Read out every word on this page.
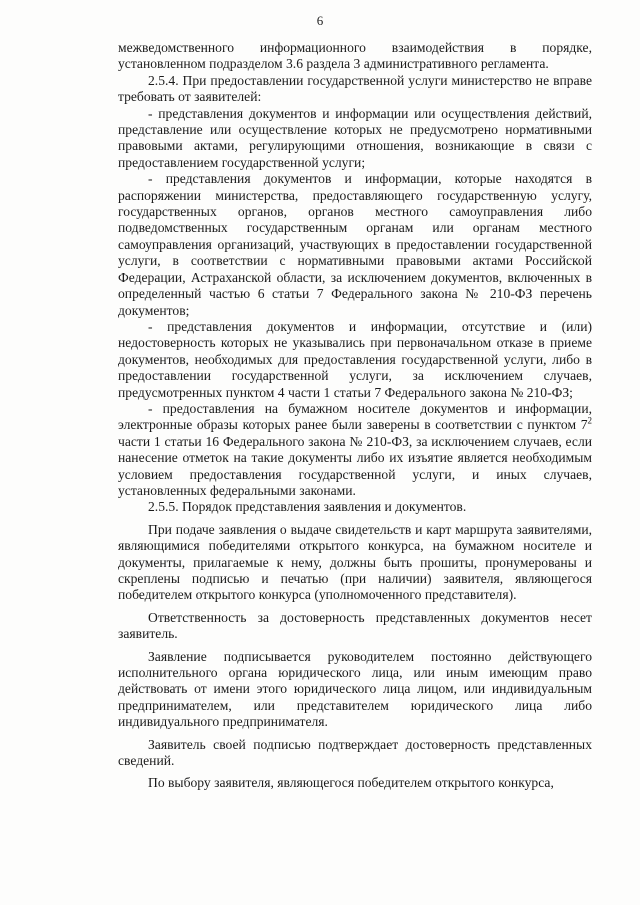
6

межведомственного информационного взаимодействия в порядке, установленном подразделом 3.6 раздела 3 административного регламента.

2.5.4. При предоставлении государственной услуги министерство не вправе требовать от заявителей:

- представления документов и информации или осуществления действий, представление или осуществление которых не предусмотрено нормативными правовыми актами, регулирующими отношения, возникающие в связи с предоставлением государственной услуги;

- представления документов и информации, которые находятся в распоряжении министерства, предоставляющего государственную услугу, государственных органов, органов местного самоуправления либо подведомственных государственным органам или органам местного самоуправления организаций, участвующих в предоставлении государственной услуги, в соответствии с нормативными правовыми актами Российской Федерации, Астраханской области, за исключением документов, включенных в определенный частью 6 статьи 7 Федерального закона № 210-ФЗ перечень документов;

- представления документов и информации, отсутствие и (или) недостоверность которых не указывались при первоначальном отказе в приеме документов, необходимых для предоставления государственной услуги, либо в предоставлении государственной услуги, за исключением случаев, предусмотренных пунктом 4 части 1 статьи 7 Федерального закона № 210-ФЗ;

- предоставления на бумажном носителе документов и информации, электронные образы которых ранее были заверены в соответствии с пунктом $7^2$ части 1 статьи 16 Федерального закона № 210-ФЗ, за исключением случаев, если нанесение отметок на такие документы либо их изъятие является необходимым условием предоставления государственной услуги, и иных случаев, установленных федеральными законами.

2.5.5. Порядок представления заявления и документов.

При подаче заявления о выдаче свидетельств и карт маршрута заявителями, являющимися победителями открытого конкурса, на бумажном носителе и документы, прилагаемые к нему, должны быть прошиты, пронумерованы и скреплены подписью и печатью (при наличии) заявителя, являющегося победителем открытого конкурса (уполномоченного представителя).

Ответственность за достоверность представленных документов несет заявитель.

Заявление подписывается руководителем постоянно действующего исполнительного органа юридического лица, или иным имеющим право действовать от имени этого юридического лица лицом, или индивидуальным предпринимателем, или представителем юридического лица либо индивидуального предпринимателя.

Заявитель своей подписью подтверждает достоверность представленных сведений.

По выбору заявителя, являющегося победителем открытого конкурса,
